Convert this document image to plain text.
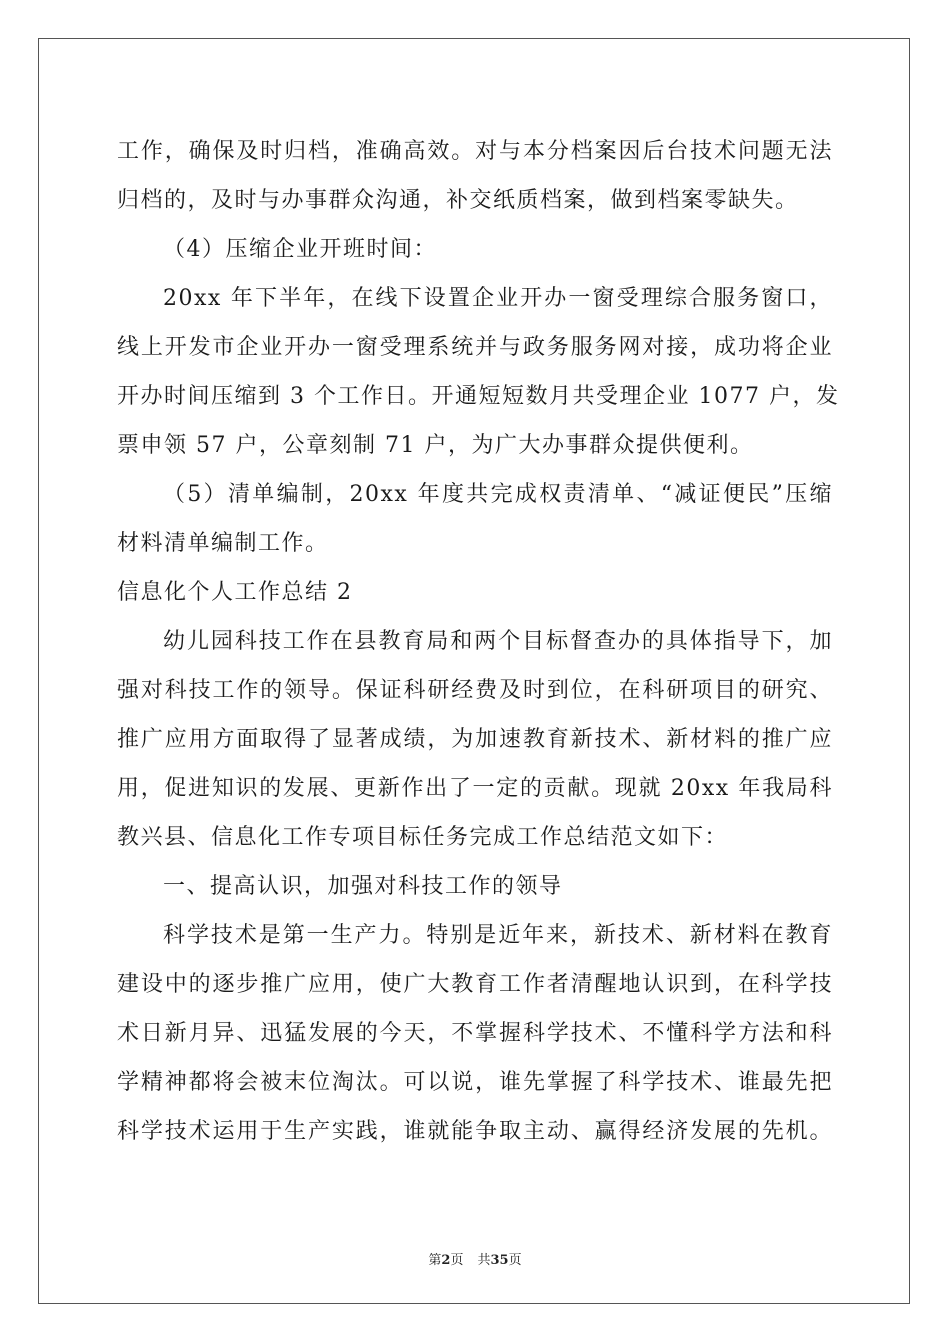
工作，确保及时归档，准确高效。对与本分档案因后台技术问题无法
归档的，及时与办事群众沟通，补交纸质档案，做到档案零缺失。
（4）压缩企业开班时间：
20xx 年下半年，在线下设置企业开办一窗受理综合服务窗口，
线上开发市企业开办一窗受理系统并与政务服务网对接，成功将企业
开办时间压缩到 3 个工作日。开通短短数月共受理企业 1077 户，发
票申领 57 户，公章刻制 71 户，为广大办事群众提供便利。
（5）清单编制，20xx 年度共完成权责清单、“减证便民”压缩
材料清单编制工作。
信息化个人工作总结 2
幼儿园科技工作在县教育局和两个目标督查办的具体指导下，加
强对科技工作的领导。保证科研经费及时到位，在科研项目的研究、
推广应用方面取得了显著成绩，为加速教育新技术、新材料的推广应
用，促进知识的发展、更新作出了一定的贡献。现就 20xx 年我局科
教兴县、信息化工作专项目标任务完成工作总结范文如下：
一、提高认识，加强对科技工作的领导
科学技术是第一生产力。特别是近年来，新技术、新材料在教育
建设中的逐步推广应用，使广大教育工作者清醒地认识到，在科学技
术日新月异、迅猛发展的今天，不掌握科学技术、不懂科学方法和科
学精神都将会被末位淘汰。可以说，谁先掌握了科学技术、谁最先把
科学技术运用于生产实践，谁就能争取主动、赢得经济发展的先机。
第2页 共35页
